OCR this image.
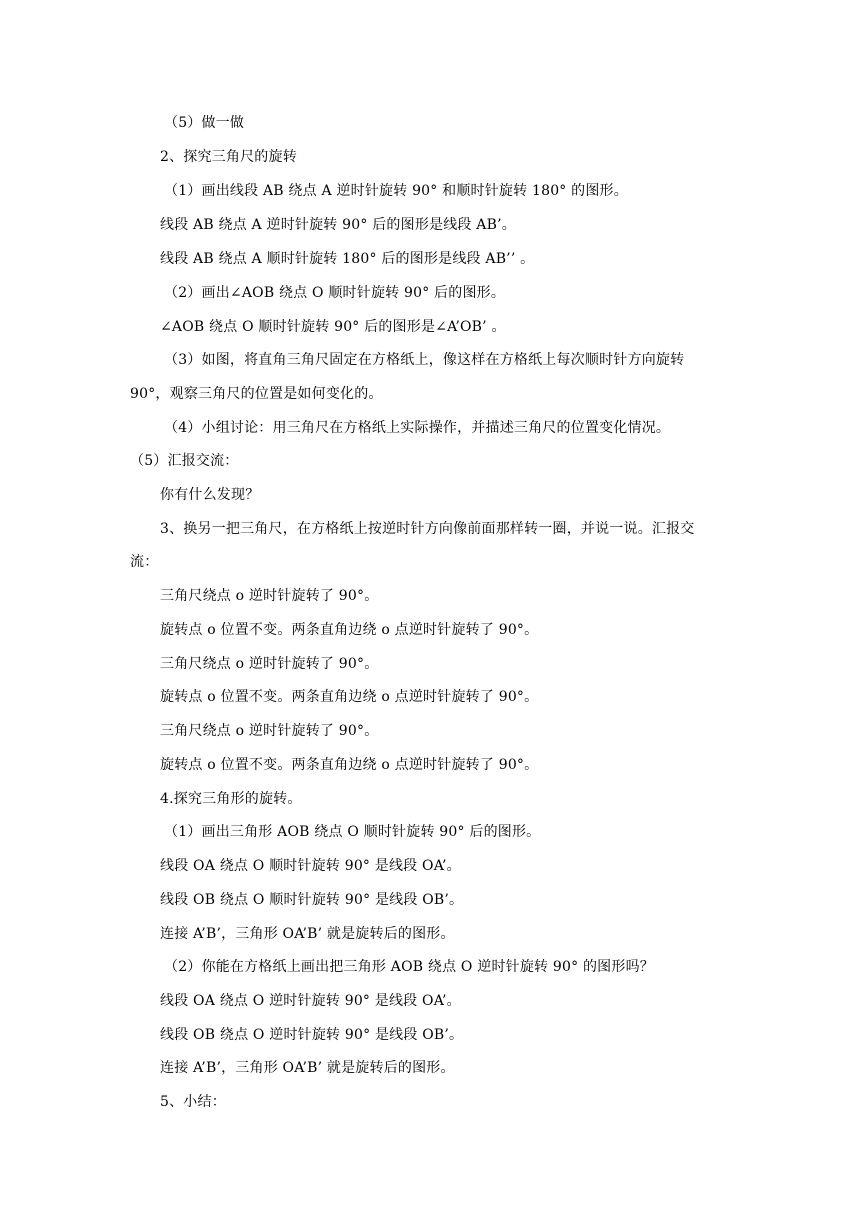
（5）做一做
2、探究三角尺的旋转
（1）画出线段 AB 绕点 A 逆时针旋转 90° 和顺时针旋转 180° 的图形。
线段 AB 绕点 A 逆时针旋转 90° 后的图形是线段 AB’。
线段 AB 绕点 A 顺时针旋转 180° 后的图形是线段 AB’’ 。
（2）画出∠AOB 绕点 O 顺时针旋转 90° 后的图形。
∠AOB 绕点 O 顺时针旋转 90° 后的图形是∠A’OB’ 。
（3）如图，将直角三角尺固定在方格纸上，像这样在方格纸上每次顺时针方向旋转
90°，观察三角尺的位置是如何变化的。
（4）小组讨论：用三角尺在方格纸上实际操作，并描述三角尺的位置变化情况。
（5）汇报交流：
你有什么发现？
3、换另一把三角尺，在方格纸上按逆时针方向像前面那样转一圈，并说一说。汇报交
流：
三角尺绕点 o 逆时针旋转了 90°。
旋转点 o 位置不变。两条直角边绕 o 点逆时针旋转了 90°。
三角尺绕点 o 逆时针旋转了 90°。
旋转点 o 位置不变。两条直角边绕 o 点逆时针旋转了 90°。
三角尺绕点 o 逆时针旋转了 90°。
旋转点 o 位置不变。两条直角边绕 o 点逆时针旋转了 90°。
4.探究三角形的旋转。
（1）画出三角形 AOB 绕点 O 顺时针旋转 90° 后的图形。
线段 OA 绕点 O 顺时针旋转 90° 是线段 OA’。
线段 OB 绕点 O 顺时针旋转 90° 是线段 OB’。
连接 A’B’，三角形 OA’B’ 就是旋转后的图形。
（2）你能在方格纸上画出把三角形 AOB 绕点 O 逆时针旋转 90° 的图形吗？
线段 OA 绕点 O 逆时针旋转 90° 是线段 OA’。
线段 OB 绕点 O 逆时针旋转 90° 是线段 OB’。
连接 A’B’，三角形 OA’B’ 就是旋转后的图形。
5、小结：
